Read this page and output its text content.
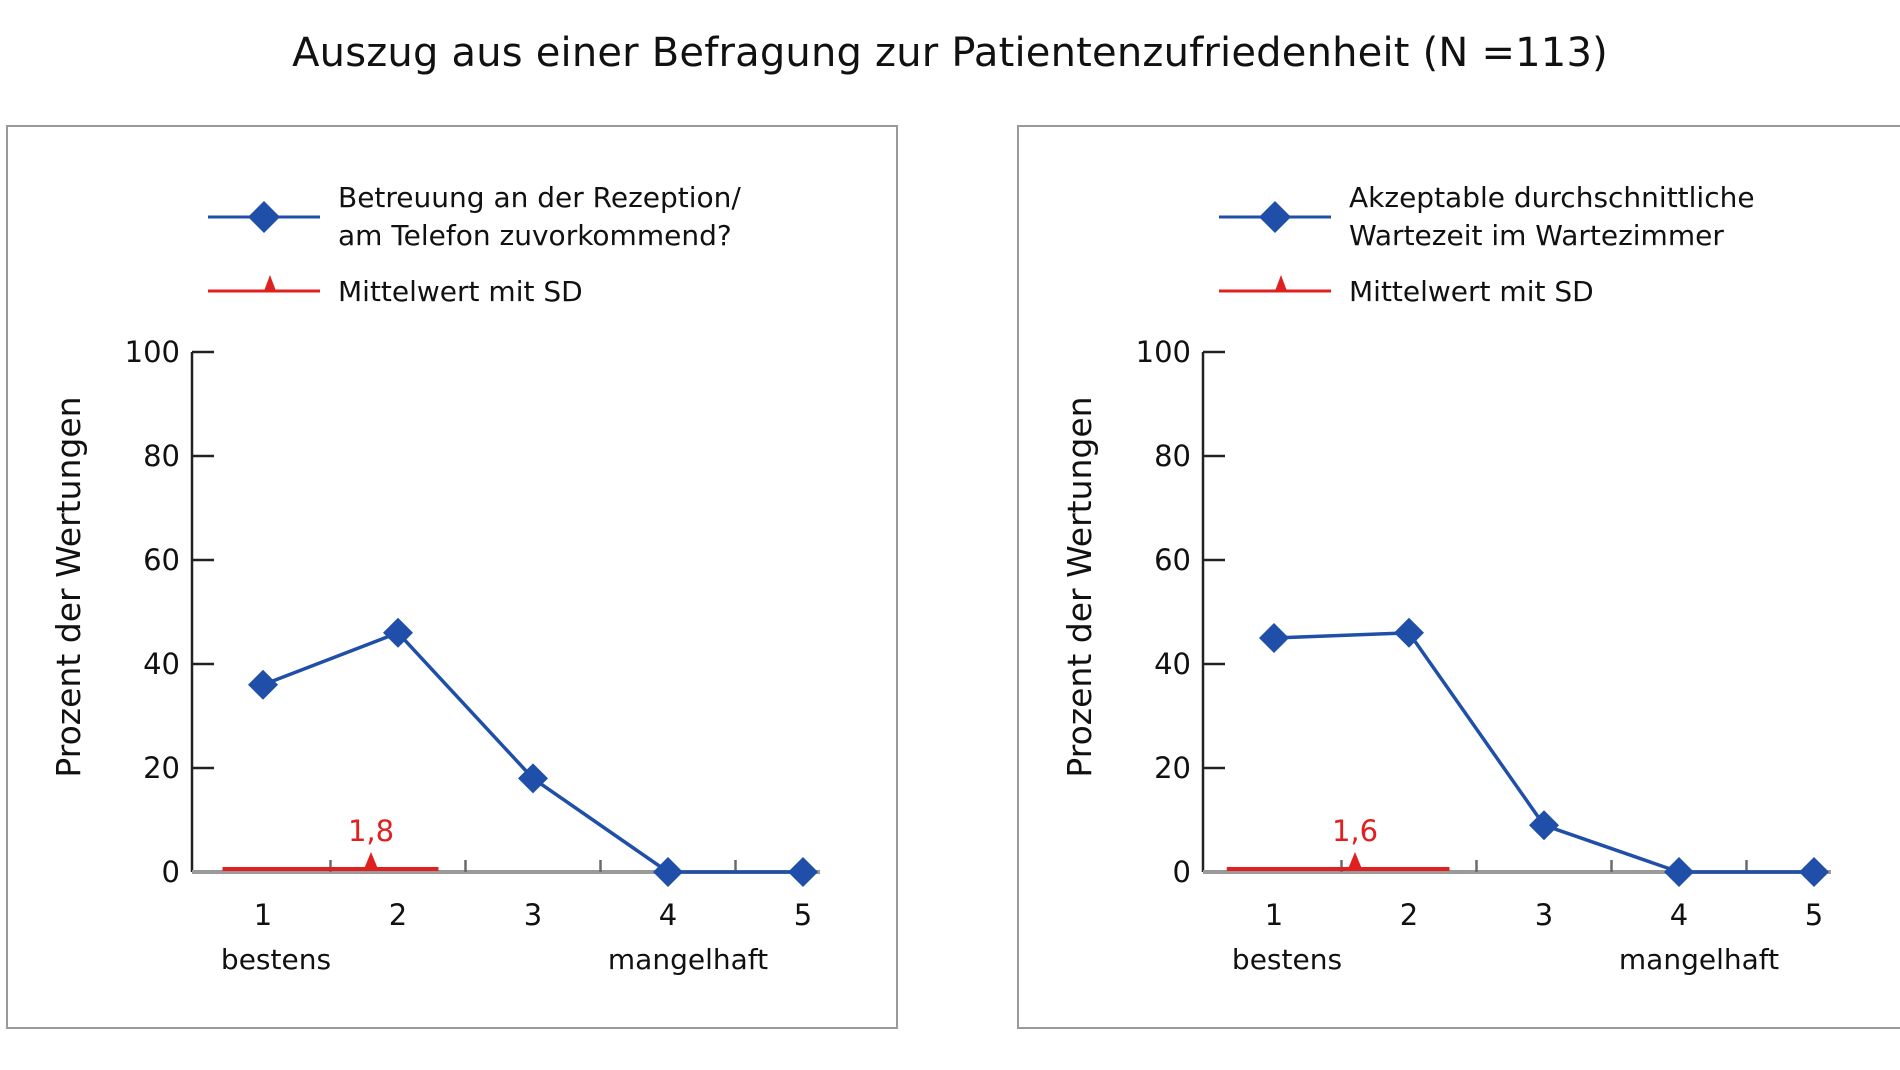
Auszug aus einer Befragung zur Patientenzufriedenheit (N =113)
Betreuung an der Rezeption/
am Telefon zuvorkommend?
Mittelwert mit SD
0
20
40
60
80
100
Prozent der Wertungen
1	2	3	4	5
bestens	mangelhaft
1,8
Akzeptable durchschnittliche
Wartezeit im Wartezimmer
Mittelwert mit SD
0
20
40
60
80
100
Prozent der Wertungen
1	2	3	4	5
bestens	mangelhaft
1,6
